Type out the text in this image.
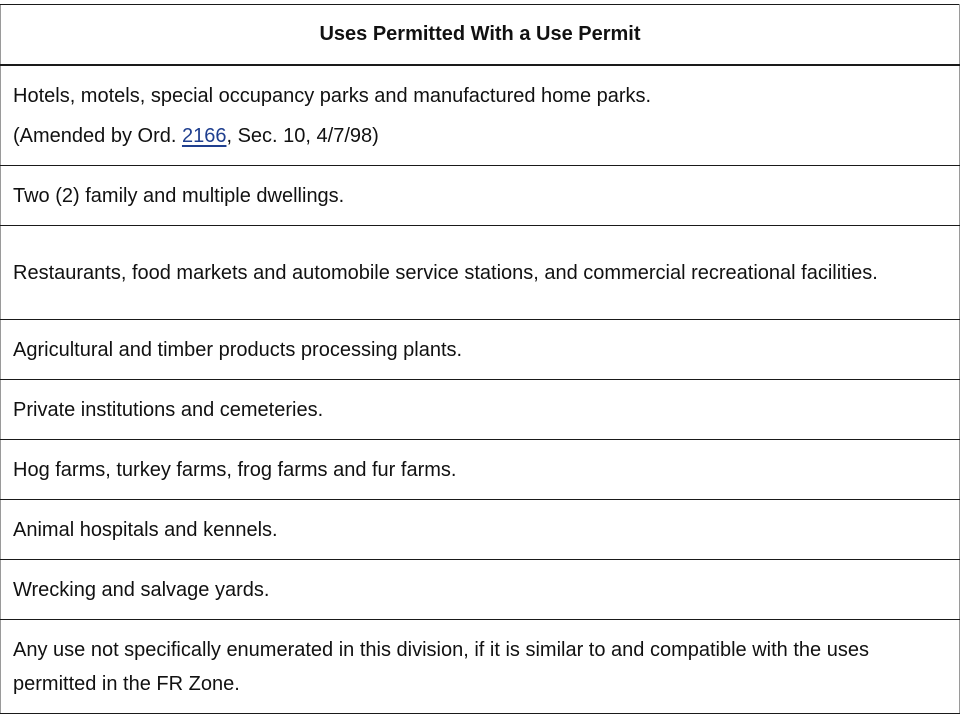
Uses Permitted With a Use Permit

Hotels, motels, special occupancy parks and manufactured home parks.
(Amended by Ord. 2166, Sec. 10, 4/7/98)

Two (2) family and multiple dwellings.
Restaurants, food markets and automobile service stations, and commercial recreational facilities.
Agricultural and timber products processing plants.
Private institutions and cemeteries.
Hog farms, turkey farms, frog farms and fur farms.
Animal hospitals and kennels.
Wrecking and salvage yards.
Any use not specifically enumerated in this division, if it is similar to and compatible with the uses permitted in the FR Zone.
